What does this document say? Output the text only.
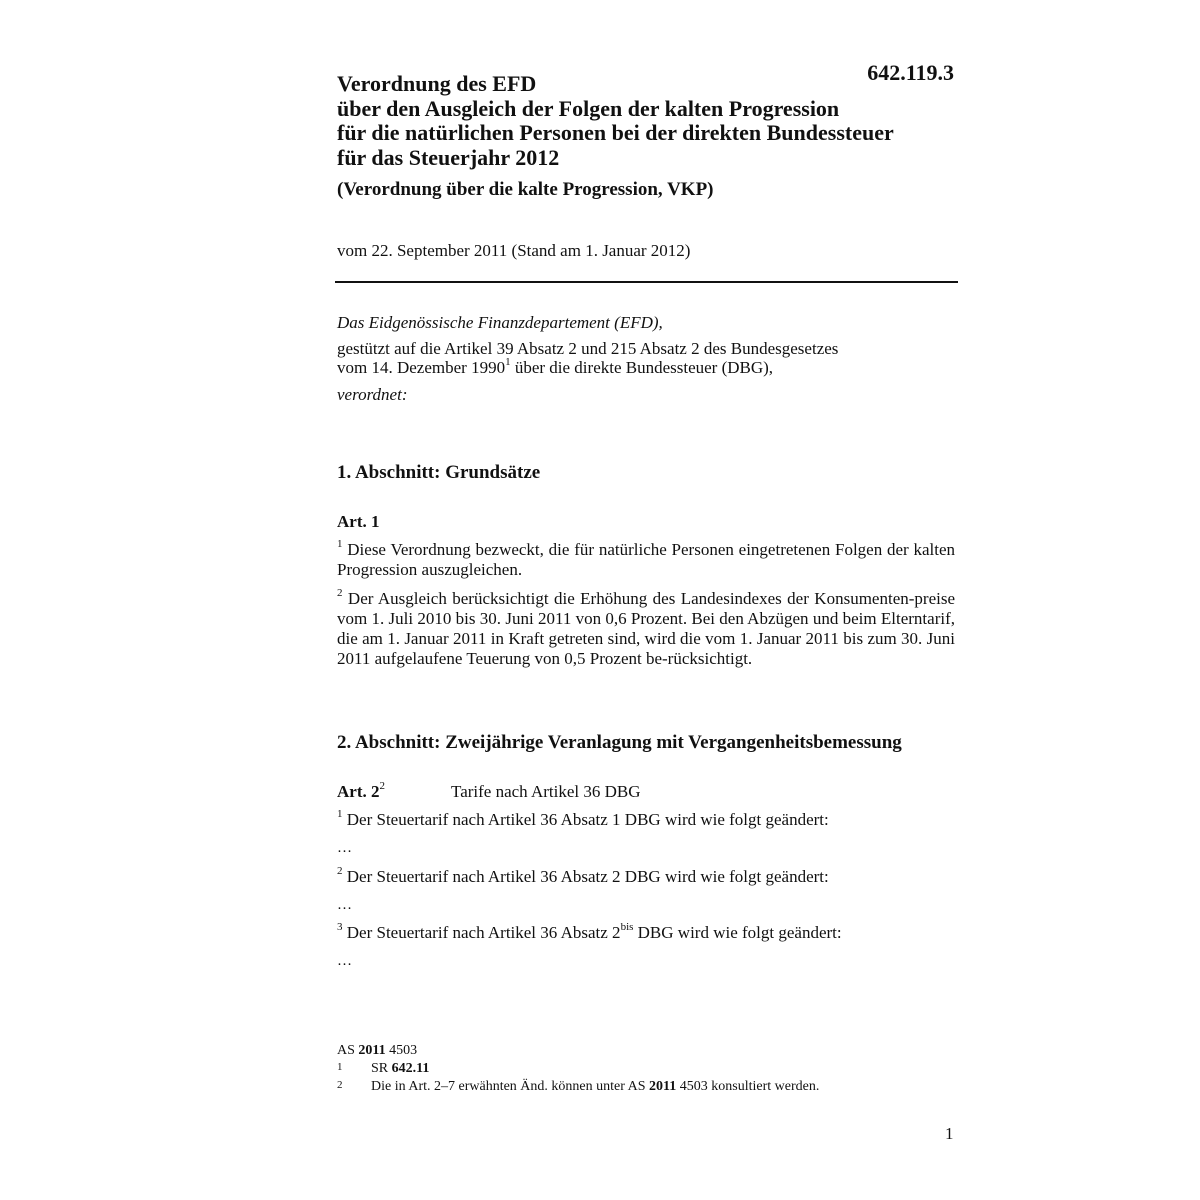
642.119.3
Verordnung des EFD
über den Ausgleich der Folgen der kalten Progression
für die natürlichen Personen bei der direkten Bundessteuer
für das Steuerjahr 2012
(Verordnung über die kalte Progression, VKP)
vom 22. September 2011 (Stand am 1. Januar 2012)
Das Eidgenössische Finanzdepartement (EFD),
gestützt auf die Artikel 39 Absatz 2 und 215 Absatz 2 des Bundesgesetzes
vom 14. Dezember 1990$^1$ über die direkte Bundessteuer (DBG),
verordnet:
1. Abschnitt: Grundsätze
Art. 1
$^1$ Diese Verordnung bezweckt, die für natürliche Personen eingetretenen Folgen der kalten Progression auszugleichen.
$^2$ Der Ausgleich berücksichtigt die Erhöhung des Landesindexes der Konsumenten-preise vom 1. Juli 2010 bis 30. Juni 2011 von 0,6 Prozent. Bei den Abzügen und beim Elterntarif, die am 1. Januar 2011 in Kraft getreten sind, wird die vom 1. Januar 2011 bis zum 30. Juni 2011 aufgelaufene Teuerung von 0,5 Prozent be-rücksichtigt.
2. Abschnitt: Zweijährige Veranlagung mit Vergangenheitsbemessung
Art. $2^2$	Tarife nach Artikel 36 DBG
$^1$ Der Steuertarif nach Artikel 36 Absatz 1 DBG wird wie folgt geändert:
…
$^2$ Der Steuertarif nach Artikel 36 Absatz 2 DBG wird wie folgt geändert:
…
$^3$ Der Steuertarif nach Artikel 36 Absatz $2^{bis}$ DBG wird wie folgt geändert:
…
AS 2011 4503
1 SR 642.11
2 Die in Art. 2–7 erwähnten Änd. können unter AS 2011 4503 konsultiert werden.
1
